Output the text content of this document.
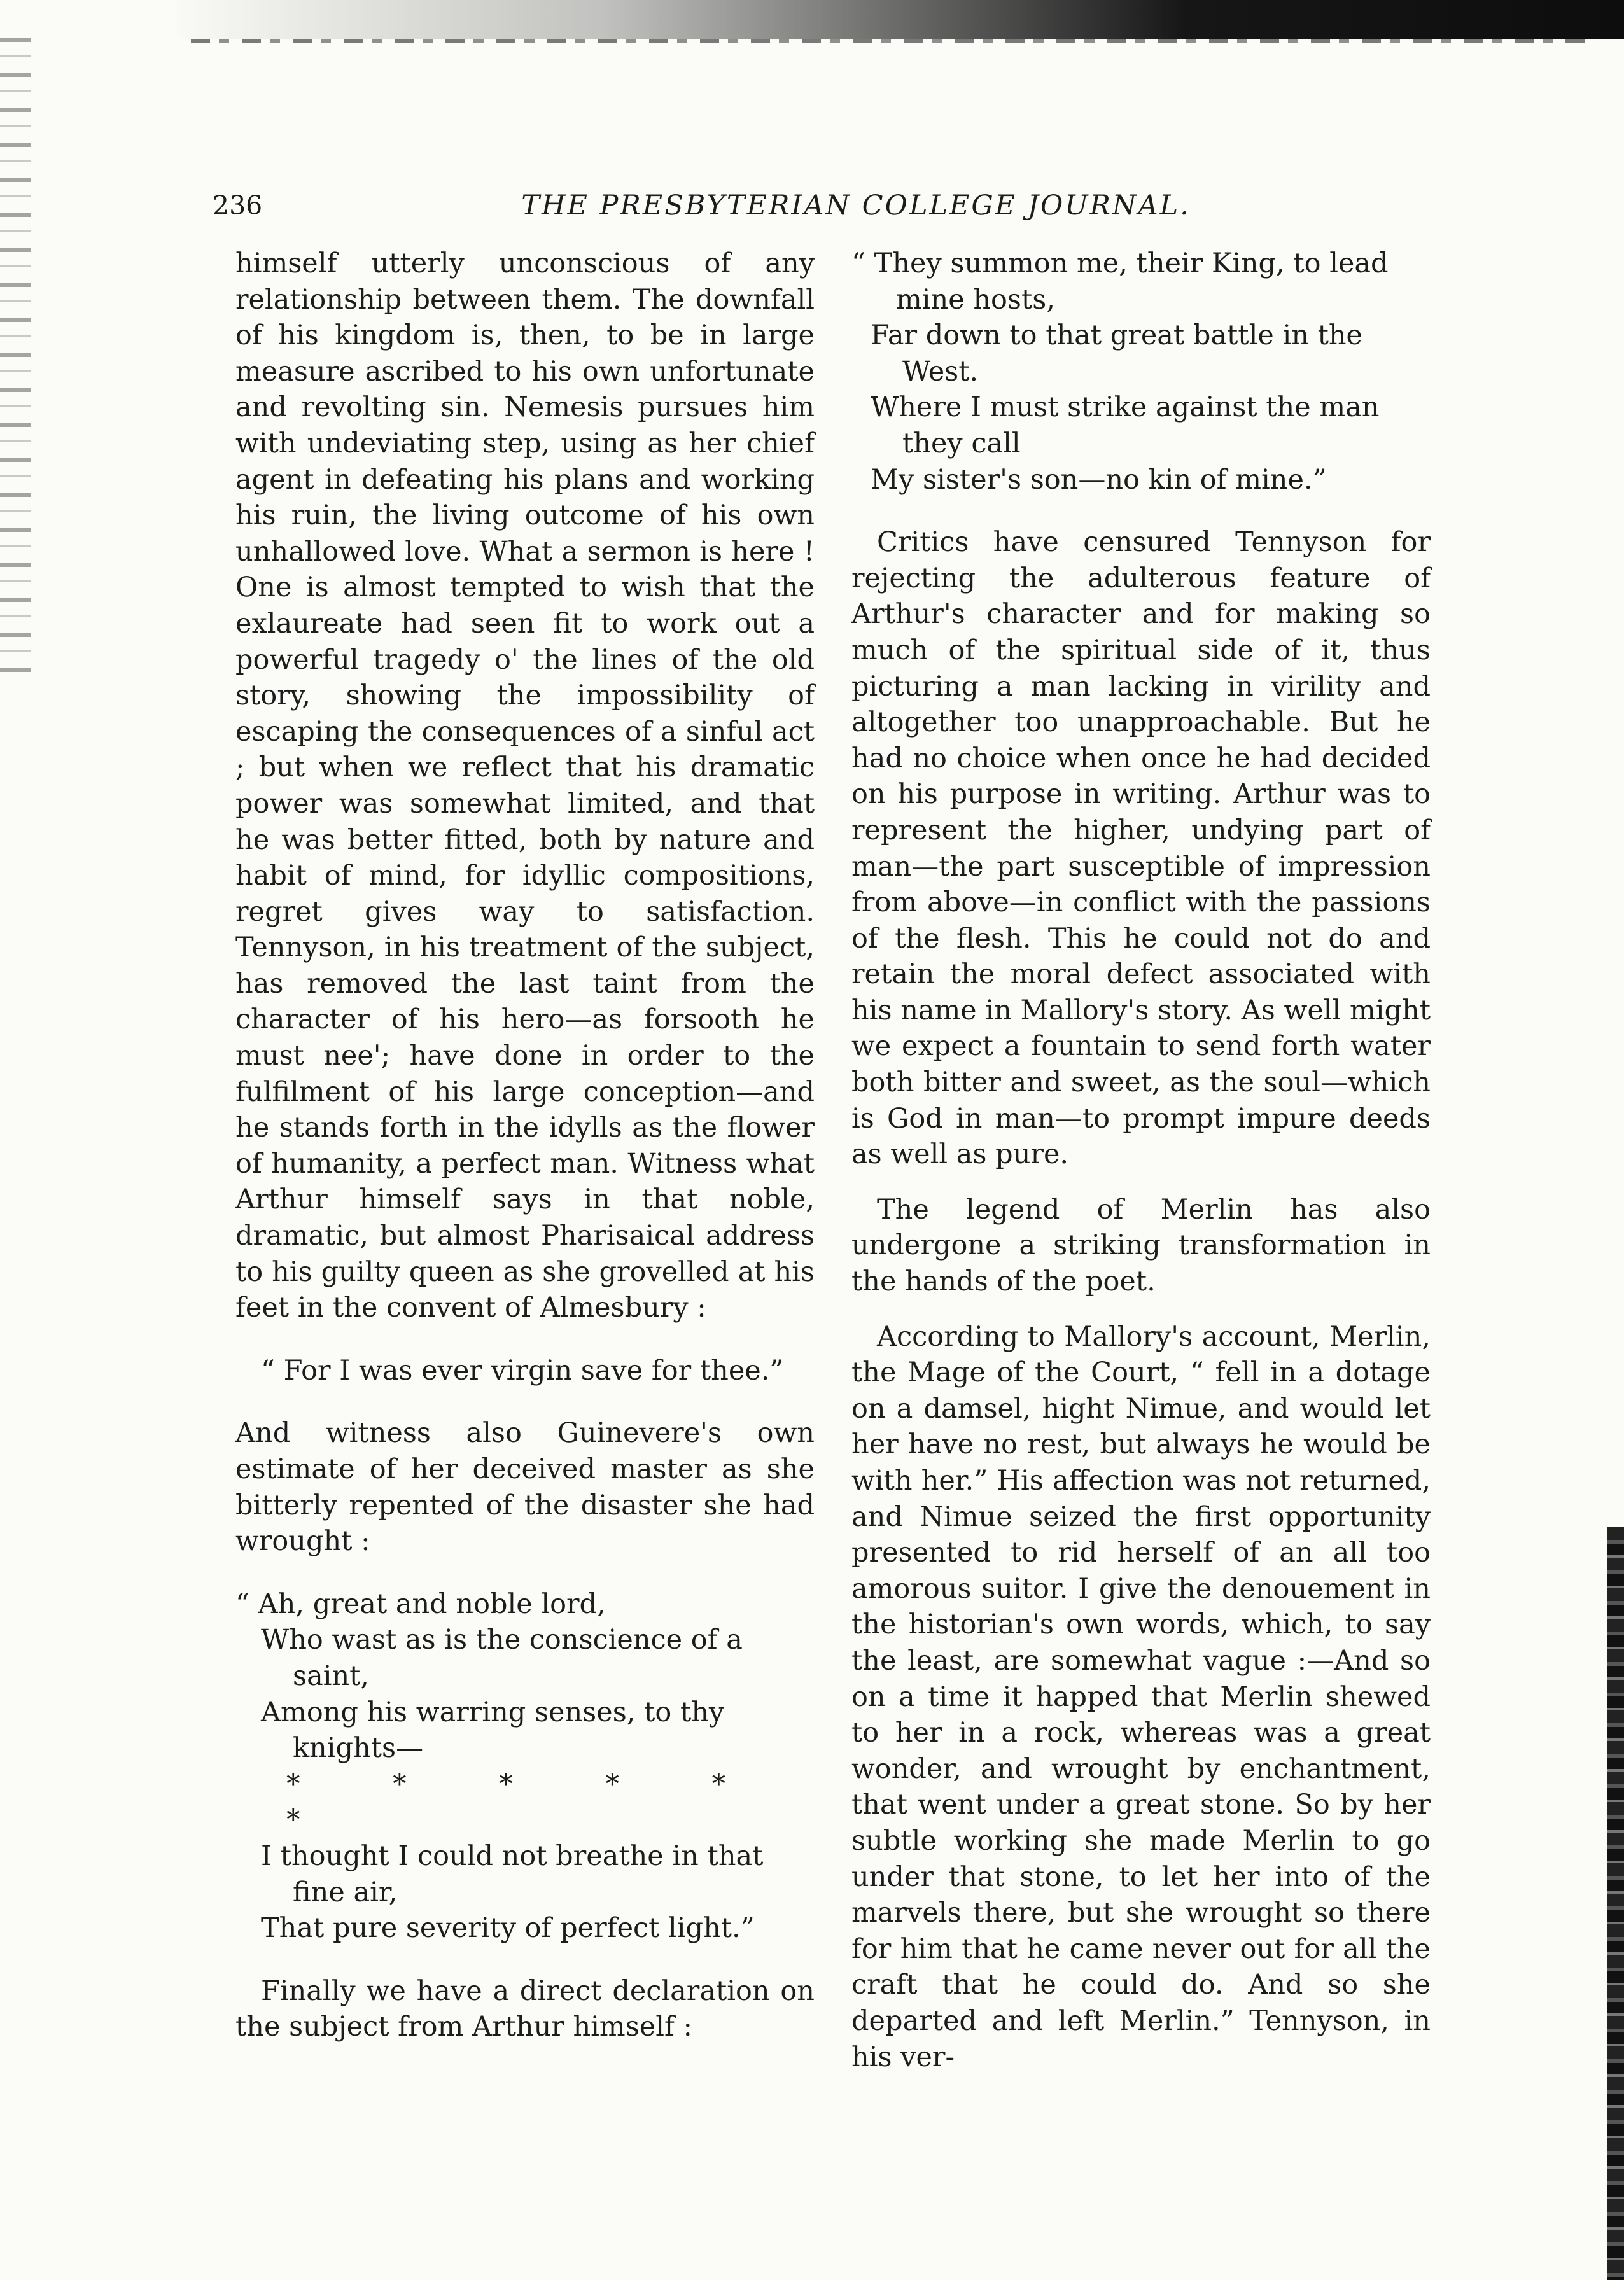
236	THE PRESBYTERIAN COLLEGE JOURNAL.

himself utterly unconscious of any relationship between them. The downfall of his kingdom is, then, to be in large measure ascribed to his own unfortunate and revolting sin. Nemesis pursues him with undeviating step, using as her chief agent in defeating his plans and working his ruin, the living outcome of his own unhallowed love. What a sermon is here ! One is almost tempted to wish that the exlaureate had seen fit to work out a powerful tragedy o' the lines of the old story, showing the impossibility of escaping the consequences of a sinful act ; but when we reflect that his dramatic power was somewhat limited, and that he was better fitted, both by nature and habit of mind, for idyllic compositions, regret gives way to satisfaction. Tennyson, in his treatment of the subject, has removed the last taint from the character of his hero—as forsooth he must nee'; have done in order to the fulfilment of his large conception—and he stands forth in the idylls as the flower of humanity, a perfect man. Witness what Arthur himself says in that noble, dramatic, but almost Pharisaical address to his guilty queen as she grovelled at his feet in the convent of Almesbury :

“ For I was ever virgin save for thee.”

And witness also Guinevere's own estimate of her deceived master as she bitterly repented of the disaster she had wrought :

“ Ah, great and noble lord,

Who wast as is the conscience of a saint,

Among his warring senses, to thy knights—

* * * * * *

I thought I could not breathe in that fine air,

That pure severity of perfect light.”

Finally we have a direct declaration on the subject from Arthur himself :

“ They summon me, their King, to lead mine hosts,

Far down to that great battle in the West.

Where I must strike against the man they call

My sister's son—no kin of mine.”

Critics have censured Tennyson for rejecting the adulterous feature of Arthur's character and for making so much of the spiritual side of it, thus picturing a man lacking in virility and altogether too unapproachable. But he had no choice when once he had decided on his purpose in writing. Arthur was to represent the higher, undying part of man—the part susceptible of impression from above—in conflict with the passions of the flesh. This he could not do and retain the moral defect associated with his name in Mallory's story. As well might we expect a fountain to send forth water both bitter and sweet, as the soul—which is God in man—to prompt impure deeds as well as pure.

The legend of Merlin has also undergone a striking transformation in the hands of the poet.

According to Mallory's account, Merlin, the Mage of the Court, “ fell in a dotage on a damsel, hight Nimue, and would let her have no rest, but always he would be with her.” His affection was not returned, and Nimue seized the first opportunity presented to rid herself of an all too amorous suitor. I give the denouement in the historian's own words, which, to say the least, are somewhat vague :—And so on a time it happed that Merlin shewed to her in a rock, whereas was a great wonder, and wrought by enchantment, that went under a great stone. So by her subtle working she made Merlin to go under that stone, to let her into of the marvels there, but she wrought so there for him that he came never out for all the craft that he could do. And so she departed and left Merlin.” Tennyson, in his ver-
